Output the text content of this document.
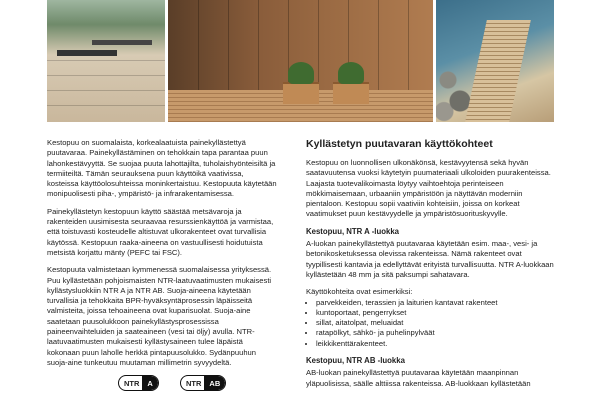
Kestopuu on suomalaista, korkealaatuista painekyllästettyä puutavaraa. Painekyllästäminen on tehokkain tapa parantaa puun lahonkestävyyttä. Se suojaa puuta lahottajilta, tuholaishyönteisiltä ja termiiteiltä. Tämän seurauksena puun käyttöikä vaativissa, kosteissa käyttöolosuhteissa moninkertaistuu. Kestopuuta käytetään monipuolisesti piha-, ympäristö- ja infrarakentamisessa.

Painekyllästetyn kestopuun käyttö säästää metsävaroja ja rakenteiden uusimisesta seuraavaa resurssienkäyttöä ja varmistaa, että toistuvasti kosteudelle altistuvat ulkorakenteet ovat turvallisia käytössä. Kestopuun raaka-aineena on vastuullisesti hoidutuista metsistä korjattu mänty (PEFC tai FSC).

Kestopuuta valmistetaan kymmenessä suomalaisessa yrityksessä. Puu kyllästetään pohjoismaisten NTR-laatuvaatimusten mukaisesti kyllästysluokkiin NTR A ja NTR AB. Suoja-aineena käytetään turvallisia ja tehokkaita BPR-hyväksyntäprosessin läpäisseitä valmisteita, joissa tehoaineena ovat kuparisuolat. Suoja-aine saatetaan puusolukkoon painekyllästysprosessissa paineenvaihteluiden ja saateaineen (vesi tai öljy) avulla. NTR-laatuvaatimusten mukaisesti kyllästysaineen tulee läpäistä kokonaan puun laholle herkkä pintapuusolukko. Sydänpuuhun suoja-aine tunkeutuu muutaman millimetrin syvyydeltä.

NTR	A	NTR	AB
Kyllästetyn puutavaran käyttökohteet

Kestopuu on luonnollisen ulkonäkönsä, kestävyytensä sekä hyvän saatavuutensa vuoksi käytetyin puumateriaali ulkoloiden puurakenteissa. Laajasta tuotevalikoimasta löytyy vaihtoehtoja perinteiseen mökkimaisemaan, urbaaniin ympäristöön ja näyttävän moderniin pientaloon. Kestopuu sopii vaativiin kohteisiin, joissa on korkeat vaatimukset puun kestävyydelle ja ympäristösuorituskyvylle.

Kestopuu, NTR A -luokka

A-luokan painekyllästettyä puutavaraa käytetään esim. maa-, vesi- ja betonikosketuksessa olevissa rakenteissa. Nämä rakenteet ovat tyypillisesti kantavia ja edellyttävät erityistä turvallisuutta. NTR A-luokkaan kyllästetään 48 mm ja sitä paksumpi sahatavara.

Käyttökohteita ovat esimerkiksi:
• parvekkeiden, terassien ja laiturien kantavat rakenteet
• kuntoportaat, pengerrykset
• sillat, aitatolpat, meluaidat
• ratapölkyt, sähkö- ja puhelinpylväät
• leikkikenttärakenteet.
Kestopuu, NTR AB -luokka

AB-luokan painekyllästettyä puutavaraa käytetään maanpinnan yläpuolisissa, säälle alttiissa rakenteissa. AB-luokkaan kyllästetään
